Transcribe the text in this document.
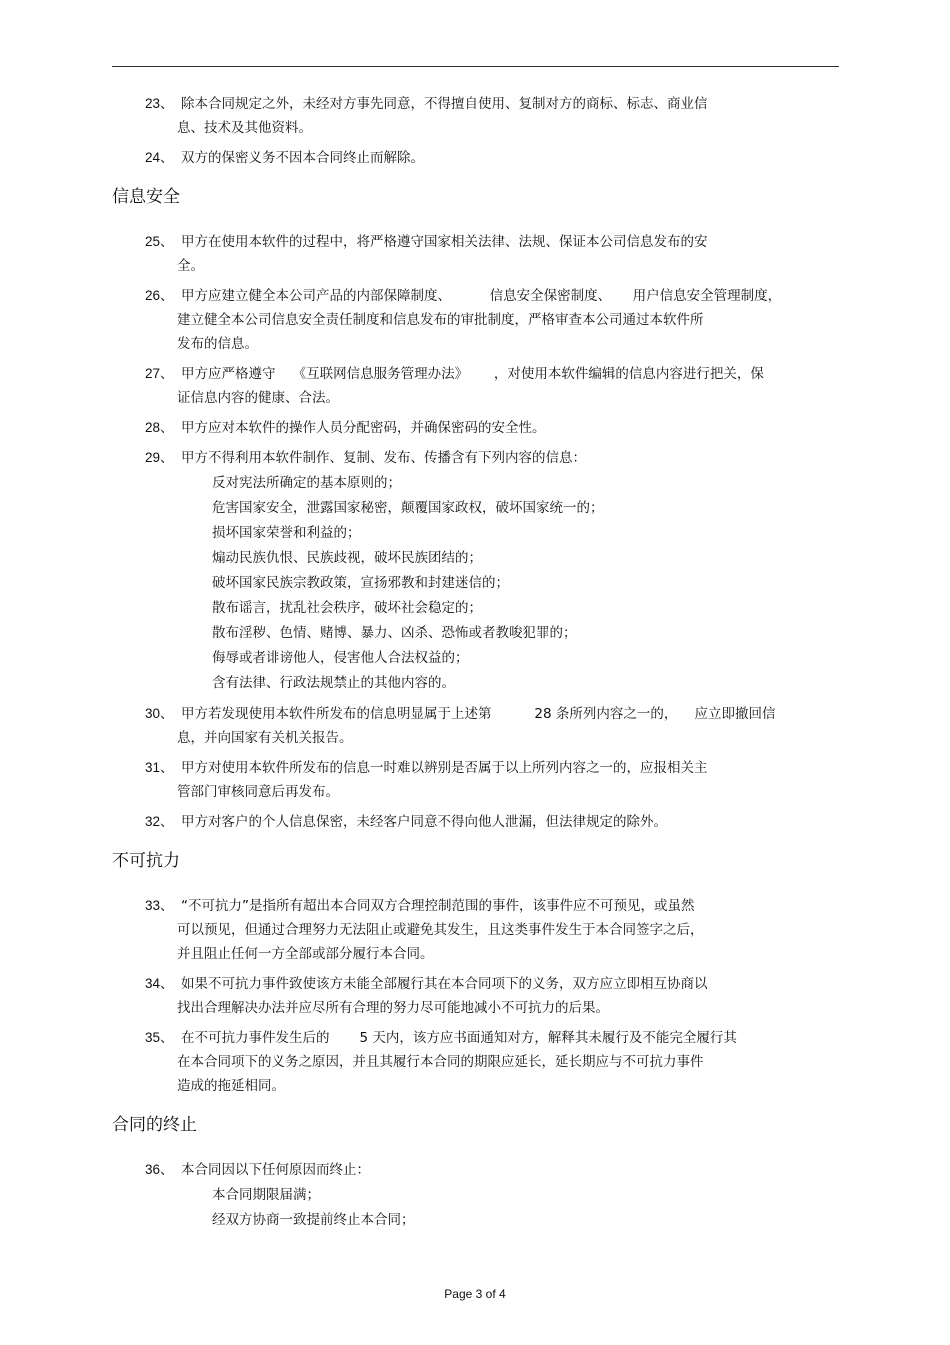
23、 除本合同规定之外，未经对方事先同意，不得擅自使用、复制对方的商标、标志、商业信
息、技术及其他资料。
24、 双方的保密义务不因本合同终止而解除。
信息安全
25、 甲方在使用本软件的过程中，将严格遵守国家相关法律、法规、保证本公司信息发布的安
全。
26、 甲方应建立健全本公司产品的内部保障制度、         信息安全保密制度、     用户信息安全管理制度，
建立健全本公司信息安全责任制度和信息发布的审批制度，严格审查本公司通过本软件所
发布的信息。
27、 甲方应严格遵守    《互联网信息服务管理办法》      ，对使用本软件编辑的信息内容进行把关，保
证信息内容的健康、合法。
28、 甲方应对本软件的操作人员分配密码，并确保密码的安全性。
29、 甲方不得利用本软件制作、复制、发布、传播含有下列内容的信息：
反对宪法所确定的基本原则的；
危害国家安全，泄露国家秘密，颠覆国家政权，破坏国家统一的；
损坏国家荣誉和利益的；
煽动民族仇恨、民族歧视，破坏民族团结的；
破坏国家民族宗教政策，宣扬邪教和封建迷信的；
散布谣言，扰乱社会秩序，破坏社会稳定的；
散布淫秽、色情、赌博、暴力、凶杀、恐怖或者教唆犯罪的；
侮辱或者诽谤他人，侵害他人合法权益的；
含有法律、行政法规禁止的其他内容的。
30、 甲方若发现使用本软件所发布的信息明显属于上述第          28 条所列内容之一的，    应立即撤回信
息，并向国家有关机关报告。
31、 甲方对使用本软件所发布的信息一时难以辨别是否属于以上所列内容之一的，应报相关主
管部门审核同意后再发布。
32、 甲方对客户的个人信息保密，未经客户同意不得向他人泄漏，但法律规定的除外。
不可抗力
33、 “不可抗力”是指所有超出本合同双方合理控制范围的事件，该事件应不可预见，或虽然
可以预见，但通过合理努力无法阻止或避免其发生，且这类事件发生于本合同签字之后，
并且阻止任何一方全部或部分履行本合同。
34、 如果不可抗力事件致使该方未能全部履行其在本合同项下的义务，双方应立即相互协商以
找出合理解决办法并应尽所有合理的努力尽可能地减小不可抗力的后果。
35、 在不可抗力事件发生后的       5 天内，该方应书面通知对方，解释其未履行及不能完全履行其
在本合同项下的义务之原因，并且其履行本合同的期限应延长，延长期应与不可抗力事件
造成的拖延相同。
合同的终止
36、 本合同因以下任何原因而终止：
本合同期限届满；
经双方协商一致提前终止本合同；
Page 3 of 4
